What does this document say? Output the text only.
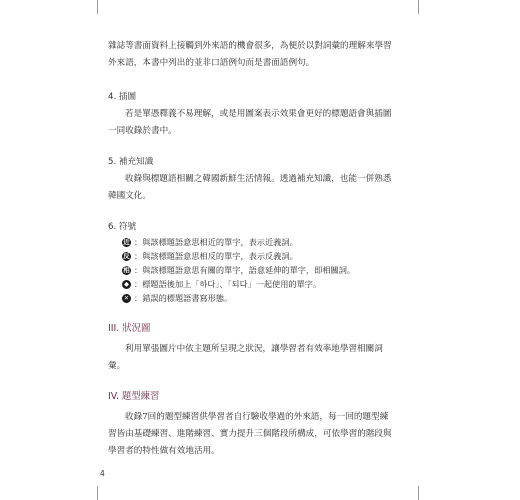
雜誌等書面資料上接觸到外來語的機會很多，為便於以對詞彙的理解來學習

外來語，本書中列出的並非口語例句而是書面語例句。

4. 插圖

若是單憑釋義不易理解，或是用圖案表示效果會更好的標題語會與插圖

一同收錄於書中。

5. 補充知識

收錄與標題語相關之韓國新鮮生活情報。透過補充知識，也能一併熟悉

韓國文化。

6. 符號
近 ：與該標題語意思相近的單字，表示近義詞。
反 ：與該標題語意思相反的單字，表示反義詞。
相 ：與該標題語意思有關的單字，語意延伸的單字，即相關詞。
◆ ：標題語後加上「하다」、「되다」一起使用的單字。
✕ ：錯誤的標題語書寫形態。
III. 狀況圖

利用單張圖片中依主題所呈現之狀況，讓學習者有效率地學習相關詞

彙。

IV. 題型練習

收錄7回的題型練習供學習者自行驗收學過的外來語，每一回的題型練

習皆由基礎練習、進階練習、實力提升三個階段所構成，可依學習的階段與

學習者的特性做有效地活用。

4
